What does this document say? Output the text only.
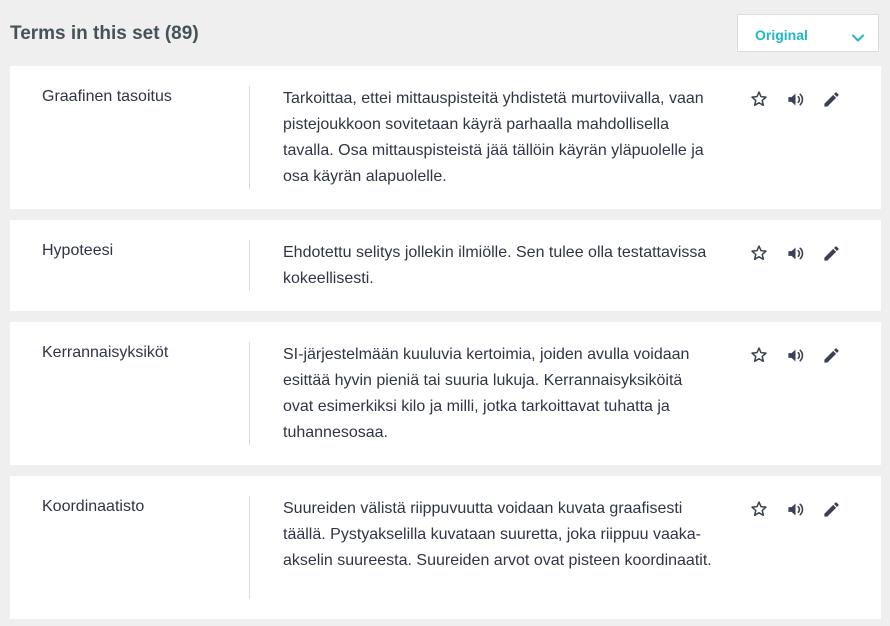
Terms in this set (89)	Original
Graafinen tasoitus	Tarkoittaa, ettei mittauspisteitä yhdistetä murtoviivalla, vaan pistejoukkoon sovitetaan käyrä parhaalla mahdollisella tavalla. Osa mittauspisteistä jää tällöin käyrän yläpuolelle ja osa käyrän alapuolelle.
Hypoteesi	Ehdotettu selitys jollekin ilmiölle. Sen tulee olla testattavissa kokeellisesti.
Kerrannaisyksiköt	SI-järjestelmään kuuluvia kertoimia, joiden avulla voidaan esittää hyvin pieniä tai suuria lukuja. Kerrannaisyksiköitä ovat esimerkiksi kilo ja milli, jotka tarkoittavat tuhatta ja tuhannesosaa.
Koordinaatisto	Suureiden välistä riippuvuutta voidaan kuvata graafisesti täällä. Pystyakselilla kuvataan suuretta, joka riippuu vaaka-akselin suureesta. Suureiden arvot ovat pisteen koordinaatit.
